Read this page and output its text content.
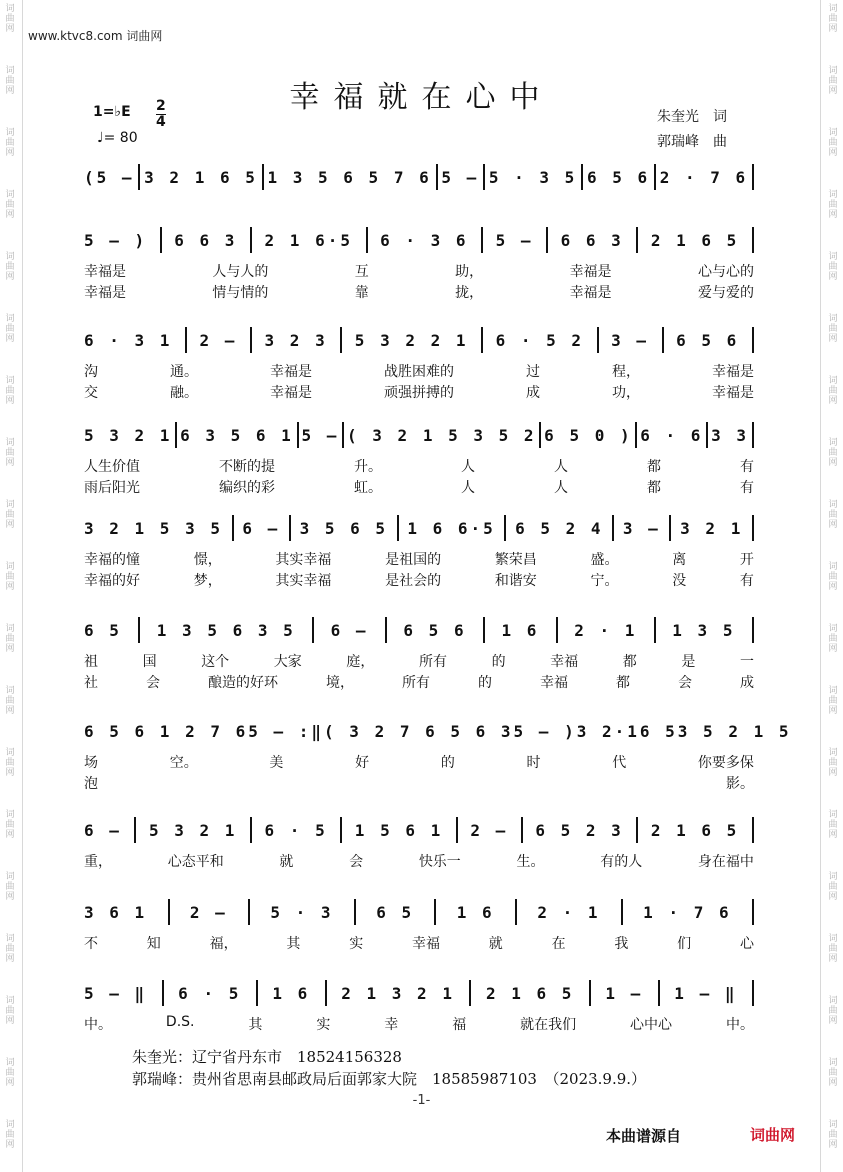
词曲网
词曲网
词曲网
词曲网
词曲网
词曲网
词曲网
词曲网
词曲网
词曲网
词曲网
词曲网
词曲网
词曲网
词曲网
词曲网
词曲网
词曲网
词曲网
词曲网
词曲网
词曲网
词曲网
词曲网
词曲网
词曲网
词曲网
词曲网
词曲网
词曲网
词曲网
词曲网
词曲网
词曲网
词曲网
词曲网
词曲网
词曲网
www.ktvc8.com 词曲网
幸福就在心中
1=♭E 2
4
♩= 80
朱奎光　词
郭瑞峰　曲
(5 – 3 2 1 6 5 1 3 5 6 5 7 6 5 – 5 · 3 5 6 5 6 2 · 7 6
5 – ) 6 6 3 2 1 6·5 6 · 3 6 5 – 6 6 3 2 1 6 5
幸福是	人与人的	互	助，	幸福是	心与心的
幸福是	情与情的	靠	拢，	幸福是	爱与爱的
6 · 3 1 2 – 3 2 3 5 3 2 2 1 6 · 5 2 3 – 6 5 6
沟	通。	幸福是	战胜困难的	过	程，	幸福是
交	融。	幸福是	顽强拼搏的	成	功，	幸福是
5 3 2 1 6 3 5 6 1 5 – ( 3 2 1 5 3 5 2 6 5 0 ) 6 · 6 3 3
人生价值	不断的提	升。	人	人	都	有
雨后阳光	编织的彩	虹。	人	人	都	有
3 2 1 5 3 5 6 – 3 5 6 5 1 6 6·5 6 5 2 4 3 – 3 2 1
幸福的憧	憬，	其实幸福	是祖国的	繁荣昌	盛。	离	开
幸福的好	梦，	其实幸福	是社会的	和谐安	宁。	没	有
6 5 1 3 5 6 3 5 6 – 6 5 6 1 6 2 · 1 1 3 5
祖	国	这个	大家	庭，	所有	的	幸福	都	是	一
社	会	酿造的好环	境，	所有	的	幸福	都	会	成
6 5 6 1 2 7 6 5 – :‖ ( 3 2 7 6 5 6 3 5 – ) 3 2·1 6 5 3 5 2 1 5
场	空。	美	好	的	时	代	你要多保
泡	影。
6 – 5 3 2 1 6 · 5 1 5 6 1 2 – 6 5 2 3 2 1 6 5
重，	心态平和	就	会	快乐一	生。	有的人	身在福中
3 6 1	2 –	5 · 3	6 5	1 6	2 · 1	1 · 7 6
不	知	福，	其	实	幸福	就	在	我	们	心
5 – ‖ 6 · 5 1 6 2 1 3 2 1 2 1 6 5 1 – 1 – ‖
中。	D.S.	其	实	幸	福	就在我们	心中心	中。
朱奎光：辽宁省丹东市　18524156328
郭瑞峰：贵州省思南县邮政局后面郭家大院　18585987103　（2023.9.9.）
-1-
本曲谱源自	词曲网
